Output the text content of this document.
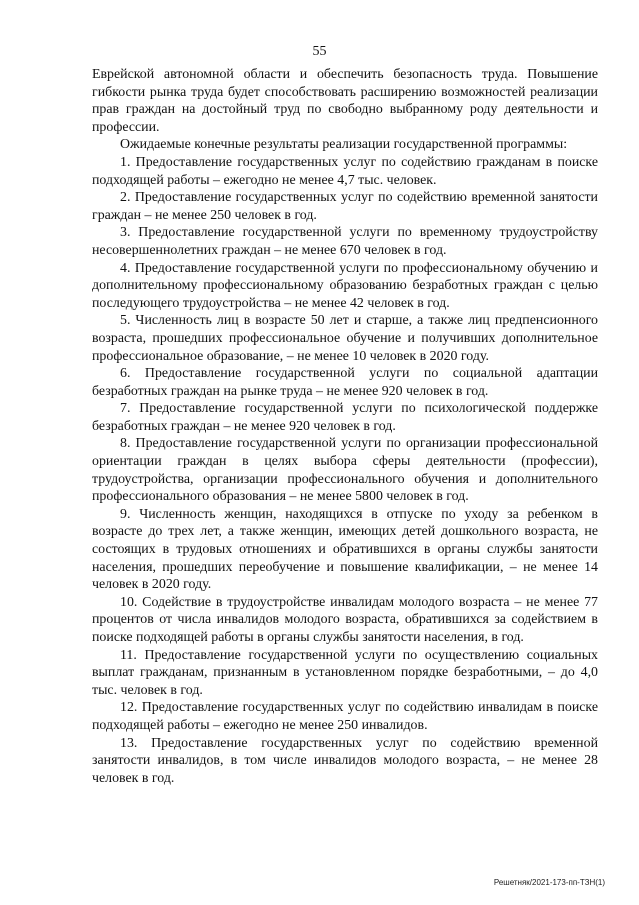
55

Еврейской автономной области и обеспечить безопасность труда. Повышение гибкости рынка труда будет способствовать расширению возможностей реализации прав граждан на достойный труд по свободно выбранному роду деятельности и профессии.

Ожидаемые конечные результаты реализации государственной программы:

1. Предоставление государственных услуг по содействию гражданам в поиске подходящей работы – ежегодно не менее 4,7 тыс. человек.

2. Предоставление государственных услуг по содействию временной занятости граждан – не менее 250 человек в год.

3. Предоставление государственной услуги по временному трудоустройству несовершеннолетних граждан – не менее 670 человек в год.

4. Предоставление государственной услуги по профессиональному обучению и дополнительному профессиональному образованию безработных граждан с целью последующего трудоустройства – не менее 42 человек в год.

5. Численность лиц в возрасте 50 лет и старше, а также лиц предпенсионного возраста, прошедших профессиональное обучение и получивших дополнительное профессиональное образование, – не менее 10 человек в 2020 году.

6. Предоставление государственной услуги по социальной адаптации безработных граждан на рынке труда – не менее 920 человек в год.

7. Предоставление государственной услуги по психологической поддержке безработных граждан – не менее 920 человек в год.

8. Предоставление государственной услуги по организации профессиональной ориентации граждан в целях выбора сферы деятельности (профессии), трудоустройства, организации профессионального обучения и дополнительного профессионального образования – не менее 5800 человек в год.

9. Численность женщин, находящихся в отпуске по уходу за ребенком в возрасте до трех лет, а также женщин, имеющих детей дошкольного возраста, не состоящих в трудовых отношениях и обратившихся в органы службы занятости населения, прошедших переобучение и повышение квалификации, – не менее 14 человек в 2020 году.

10. Содействие в трудоустройстве инвалидам молодого возраста – не менее 77 процентов от числа инвалидов молодого возраста, обратившихся за содействием в поиске подходящей работы в органы службы занятости населения, в год.

11. Предоставление государственной услуги по осуществлению социальных выплат гражданам, признанным в установленном порядке безработными, – до 4,0 тыс. человек в год.

12. Предоставление государственных услуг по содействию инвалидам в поиске подходящей работы – ежегодно не менее 250 инвалидов.

13. Предоставление государственных услуг по содействию временной занятости инвалидов, в том числе инвалидов молодого возраста, – не менее 28 человек в год.

Решетняк/2021-173-пп-ТЗН(1)
